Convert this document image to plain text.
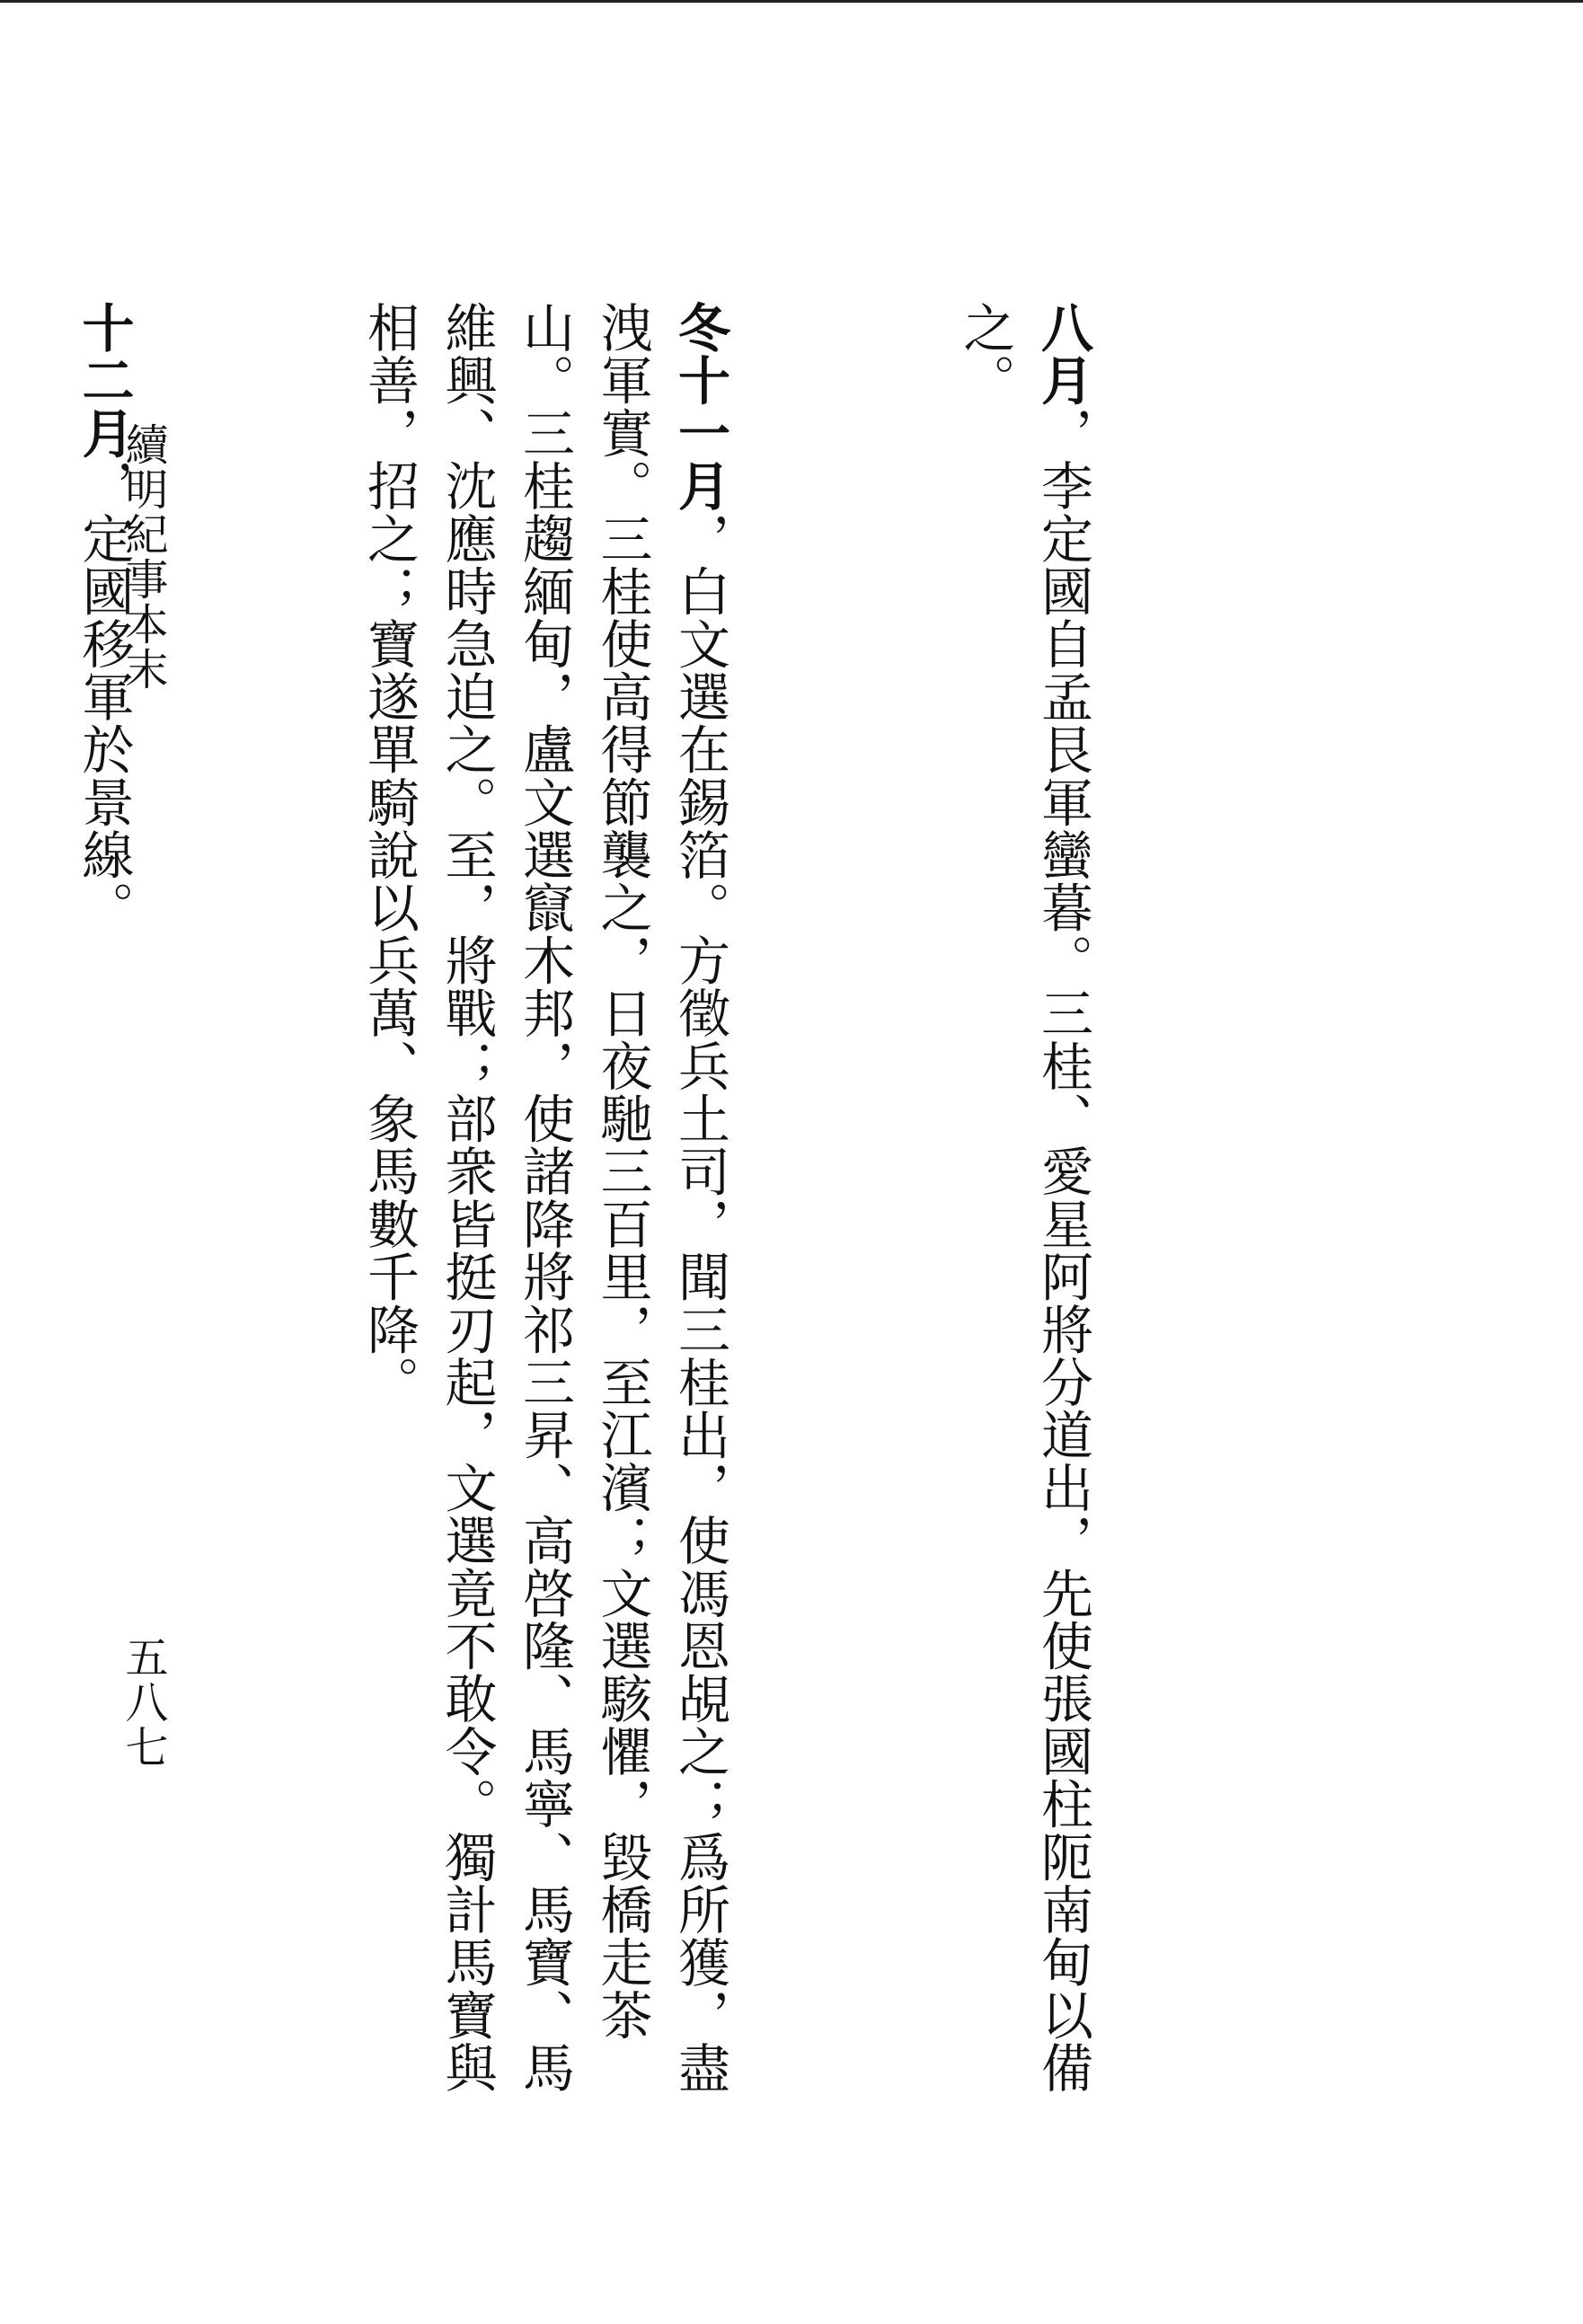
八月，李定國自孟艮軍蠻暮。三桂、愛星阿將分道出，先使張國柱阨南甸以備之。

冬十一月，白文選在錫箔。方徵兵土司，聞三桂出，使馮恩覘之；爲所獲，盡洩軍實。三桂使高得節襲之，日夜馳三百里，至江濱；文選駭懼，毀橋走茶山。三桂趨緬甸，盧文選竄木邦，使諸降將祁三昇、高啓隆、馬寧、馬寶、馬維興、沈應時急迫之。至，將戰；部衆皆挺刃起，文選竟不敢令。獨計馬寶與相善，招之；寶遂單騎說以兵萬、象馬數千降。

十二月，定國移軍於景線。

續明紀事本末
五八七
